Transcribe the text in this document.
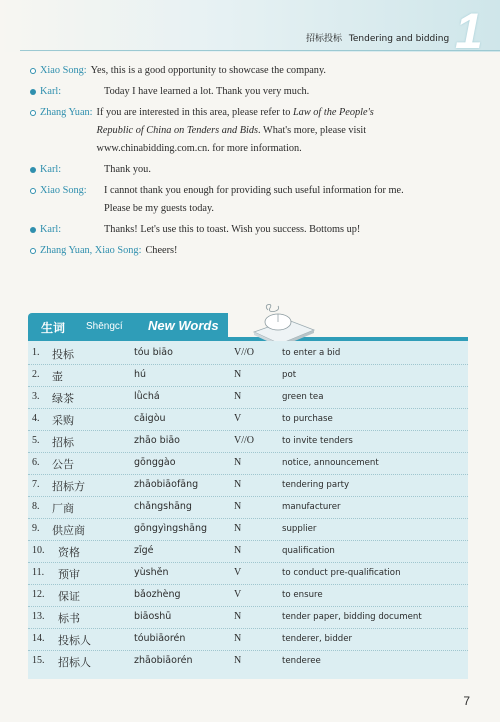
招标投标 Tendering and bidding 1
Xiao Song: Yes, this is a good opportunity to showcase the company.
Karl:	Today I have learned a lot. Thank you very much.
Zhang Yuan: If you are interested in this area, please refer to Law of the People's
Republic of China on Tenders and Bids. What's more, please visit
www.chinabidding.com.cn. for more information.
Karl:	Thank you.
Xiao Song:	I cannot thank you enough for providing such useful information for me.
Please be my guests today.
Karl:	Thanks! Let's use this to toast. Wish you success. Bottoms up!
Zhang Yuan, Xiao Song: Cheers!
生词 Shēngcí New Words
1. 投标	tóu biāo	V//O	to enter a bid
2. 壶	hú	N	pot
3. 绿茶	lǜchá	N	green tea
4. 采购	cǎigòu	V	to purchase
5. 招标	zhāo biāo	V//O	to invite tenders
6. 公告	gōnggào	N	notice, announcement
7. 招标方	zhāobiāofāng	N	tendering party
8. 厂商	chǎngshāng	N	manufacturer
9. 供应商	gōngyìngshāng	N	supplier
10. 资格	zīgé	N	qualification
11. 预审	yùshěn	V	to conduct pre-qualification
12. 保证	bǎozhèng	V	to ensure
13. 标书	biāoshū	N	tender paper, bidding document
14. 投标人	tóubiāorén	N	tenderer, bidder
15. 招标人	zhāobiāorén	N	tenderee
7
